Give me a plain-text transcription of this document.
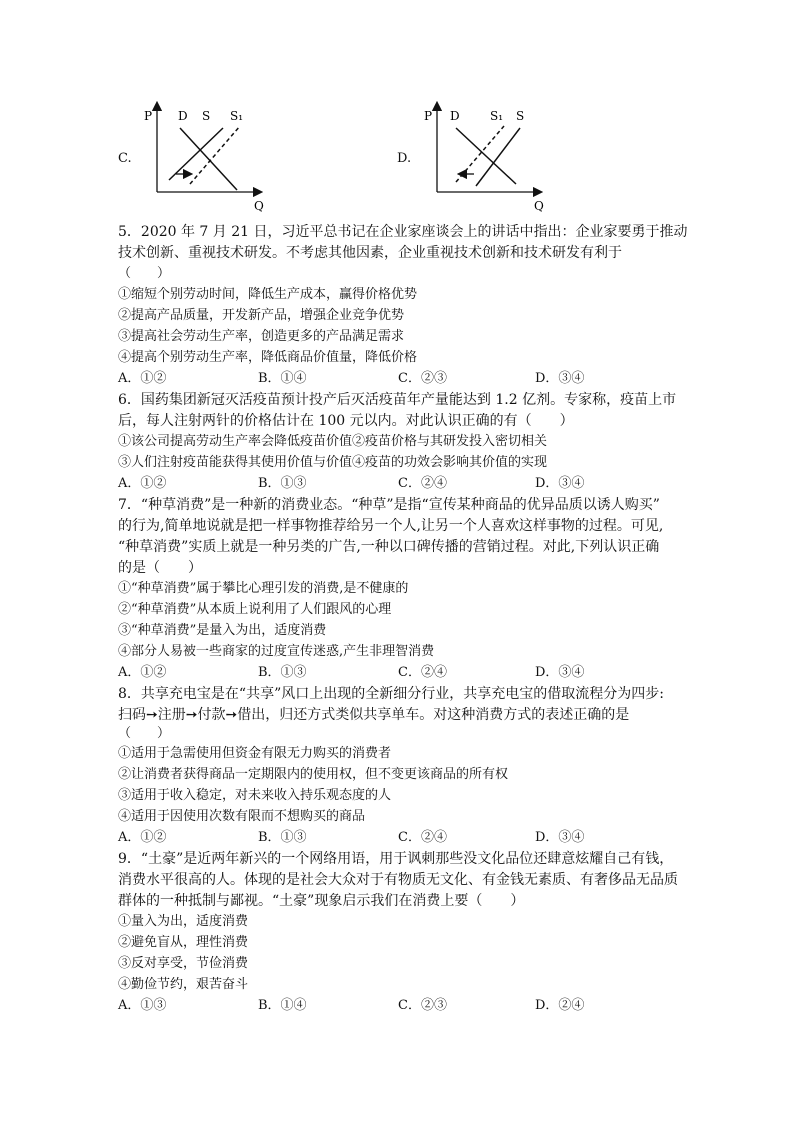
C.
P
Q
D S S₁
D.
P
Q
D	S₁ S
5．2020 年 7 月 21 日，习近平总书记在企业家座谈会上的讲话中指出：企业家要勇于推动
技术创新、重视技术研发。不考虑其他因素，企业重视技术创新和技术研发有利于
（　　）
①缩短个别劳动时间，降低生产成本，赢得价格优势
②提高产品质量，开发新产品，增强企业竞争优势
③提高社会劳动生产率，创造更多的产品满足需求
④提高个别劳动生产率，降低商品价值量，降低价格
A．①②	B．①④	C．②③	D．③④
6．国药集团新冠灭活疫苗预计投产后灭活疫苗年产量能达到 1.2 亿剂。专家称，疫苗上市
后，每人注射两针的价格估计在 100 元以内。对此认识正确的有（　　）
①该公司提高劳动生产率会降低疫苗价值②疫苗价格与其研发投入密切相关
③人们注射疫苗能获得其使用价值与价值④疫苗的功效会影响其价值的实现
A．①②	B．①③	C．②④	D．③④
7．“种草消费”是一种新的消费业态。“种草”是指“宣传某种商品的优异品质以诱人购买”
的行为,简单地说就是把一样事物推荐给另一个人,让另一个人喜欢这样事物的过程。可见,
“种草消费”实质上就是一种另类的广告,一种以口碑传播的营销过程。对此,下列认识正确
的是（　　）
①“种草消费”属于攀比心理引发的消费,是不健康的
②“种草消费”从本质上说利用了人们跟风的心理
③“种草消费”是量入为出，适度消费
④部分人易被一些商家的过度宣传迷惑,产生非理智消费
A．①②	B．①③	C．②④	D．③④
8．共享充电宝是在“共享”风口上出现的全新细分行业，共享充电宝的借取流程分为四步:
扫码➙注册➙付款➙借出，归还方式类似共享单车。对这种消费方式的表述正确的是
（　　）
①适用于急需使用但资金有限无力购买的消费者
②让消费者获得商品一定期限内的使用权，但不变更该商品的所有权
③适用于收入稳定，对未来收入持乐观态度的人
④适用于因使用次数有限而不想购买的商品
A．①②	B．①③	C．②④	D．③④
9．“土豪”是近两年新兴的一个网络用语，用于讽刺那些没文化品位还肆意炫耀自己有钱，
消费水平很高的人。体现的是社会大众对于有物质无文化、有金钱无素质、有奢侈品无品质
群体的一种抵制与鄙视。“土豪”现象启示我们在消费上要（　　）
①量入为出，适度消费
②避免盲从，理性消费
③反对享受，节俭消费
④勤俭节约，艰苦奋斗
A．①③	B．①④	C．②③	D．②④
